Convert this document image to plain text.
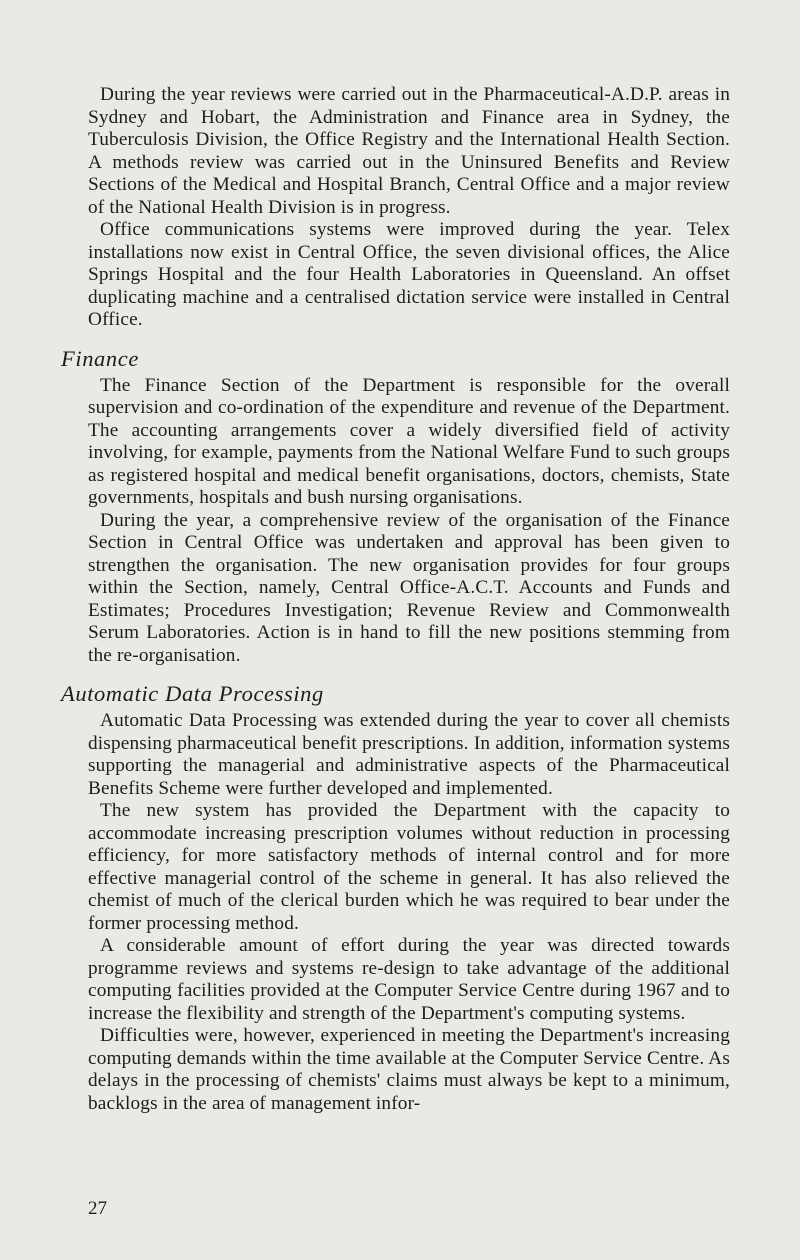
During the year reviews were carried out in the Pharmaceutical-A.D.P. areas in Sydney and Hobart, the Administration and Finance area in Sydney, the Tuberculosis Division, the Office Registry and the International Health Section. A methods review was carried out in the Uninsured Benefits and Review Sections of the Medical and Hospital Branch, Central Office and a major review of the National Health Division is in progress.

Office communications systems were improved during the year. Telex installations now exist in Central Office, the seven divisional offices, the Alice Springs Hospital and the four Health Laboratories in Queensland. An offset duplicating machine and a centralised dictation service were installed in Central Office.

Finance

The Finance Section of the Department is responsible for the overall supervision and co-ordination of the expenditure and revenue of the Department. The accounting arrangements cover a widely diversified field of activity involving, for example, payments from the National Welfare Fund to such groups as registered hospital and medical benefit organisations, doctors, chemists, State governments, hospitals and bush nursing organisations.

During the year, a comprehensive review of the organisation of the Finance Section in Central Office was undertaken and approval has been given to strengthen the organisation. The new organisation provides for four groups within the Section, namely, Central Office-A.C.T. Accounts and Funds and Estimates; Procedures Investigation; Revenue Review and Commonwealth Serum Laboratories. Action is in hand to fill the new positions stemming from the re-organisation.

Automatic Data Processing

Automatic Data Processing was extended during the year to cover all chemists dispensing pharmaceutical benefit prescriptions. In addition, information systems supporting the managerial and administrative aspects of the Pharmaceutical Benefits Scheme were further developed and implemented.

The new system has provided the Department with the capacity to accommodate increasing prescription volumes without reduction in processing efficiency, for more satisfactory methods of internal control and for more effective managerial control of the scheme in general. It has also relieved the chemist of much of the clerical burden which he was required to bear under the former processing method.

A considerable amount of effort during the year was directed towards programme reviews and systems re-design to take advantage of the additional computing facilities provided at the Computer Service Centre during 1967 and to increase the flexibility and strength of the Department's computing systems.

Difficulties were, however, experienced in meeting the Department's increasing computing demands within the time available at the Computer Service Centre. As delays in the processing of chemists' claims must always be kept to a minimum, backlogs in the area of management infor-

27
